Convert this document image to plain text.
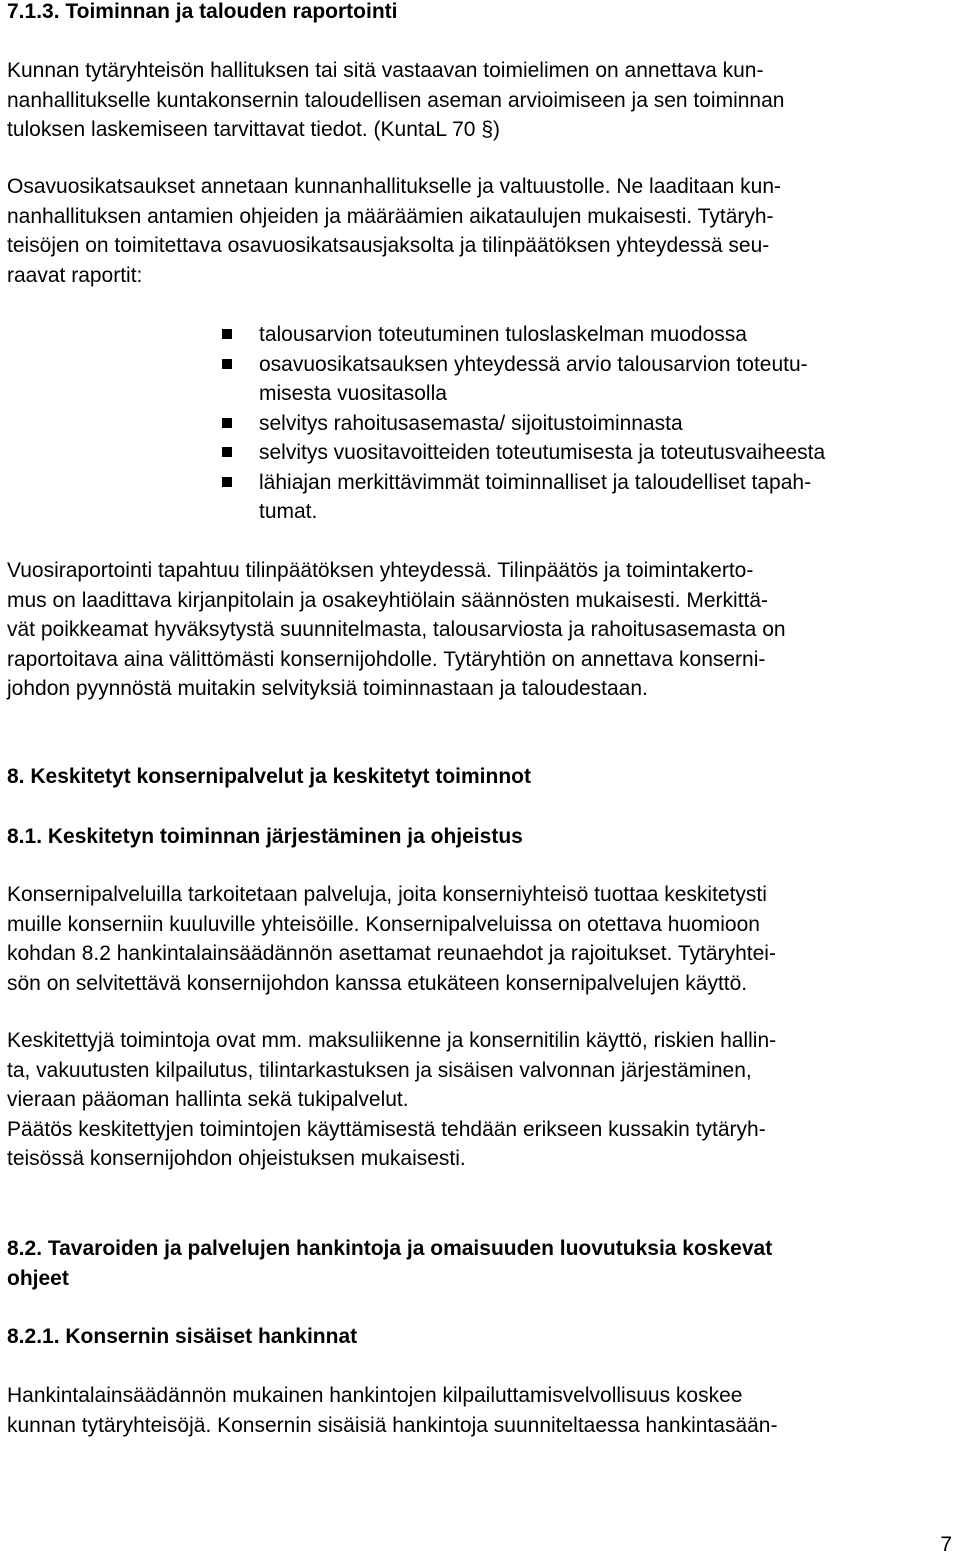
7.1.3. Toiminnan ja talouden raportointi
Kunnan tytäryhteisön hallituksen tai sitä vastaavan toimielimen on annettava kun-
nanhallitukselle kuntakonsernin taloudellisen aseman arvioimiseen ja sen toiminnan
tuloksen laskemiseen tarvittavat tiedot. (KuntaL 70 §)
Osavuosikatsaukset annetaan kunnanhallitukselle ja valtuustolle. Ne laaditaan kun-
nanhallituksen antamien ohjeiden ja määräämien aikataulujen mukaisesti. Tytäryh-
teisöjen on toimitettava osavuosikatsausjaksolta ja tilinpäätöksen yhteydessä seu-
raavat raportit:
talousarvion toteutuminen tuloslaskelman muodossa
osavuosikatsauksen yhteydessä arvio talousarvion toteutu-
misesta vuositasolla
selvitys rahoitusasemasta/ sijoitustoiminnasta
selvitys vuositavoitteiden toteutumisesta ja toteutusvaiheesta
lähiajan merkittävimmät toiminnalliset ja taloudelliset tapah-
tumat.
Vuosiraportointi tapahtuu tilinpäätöksen yhteydessä. Tilinpäätös ja toimintakerto-
mus on laadittava kirjanpitolain ja osakeyhtiölain säännösten mukaisesti. Merkittä-
vät poikkeamat hyväksytystä suunnitelmasta, talousarviosta ja rahoitusasemasta on
raportoitava aina välittömästi konsernijohdolle. Tytäryhtiön on annettava konserni-
johdon pyynnöstä muitakin selvityksiä toiminnastaan ja taloudestaan.
8. Keskitetyt konsernipalvelut ja keskitetyt toiminnot
8.1. Keskitetyn toiminnan järjestäminen ja ohjeistus
Konsernipalveluilla tarkoitetaan palveluja, joita konserniyhteisö tuottaa keskitetysti
muille konserniin kuuluville yhteisöille. Konsernipalveluissa on otettava huomioon
kohdan 8.2 hankintalainsäädännön asettamat reunaehdot ja rajoitukset. Tytäryhtei-
sön on selvitettävä konsernijohdon kanssa etukäteen konsernipalvelujen käyttö.
Keskitettyjä toimintoja ovat mm. maksuliikenne ja konsernitilin käyttö, riskien hallin-
ta, vakuutusten kilpailutus, tilintarkastuksen ja sisäisen valvonnan järjestäminen,
vieraan pääoman hallinta sekä tukipalvelut.
Päätös keskitettyjen toimintojen käyttämisestä tehdään erikseen kussakin tytäryh-
teisössä konsernijohdon ohjeistuksen mukaisesti.
8.2. Tavaroiden ja palvelujen hankintoja ja omaisuuden luovutuksia koskevat
ohjeet
8.2.1. Konsernin sisäiset hankinnat
Hankintalainsäädännön mukainen hankintojen kilpailuttamisvelvollisuus koskee
kunnan tytäryhteisöjä. Konsernin sisäisiä hankintoja suunniteltaessa hankintasään-
7
